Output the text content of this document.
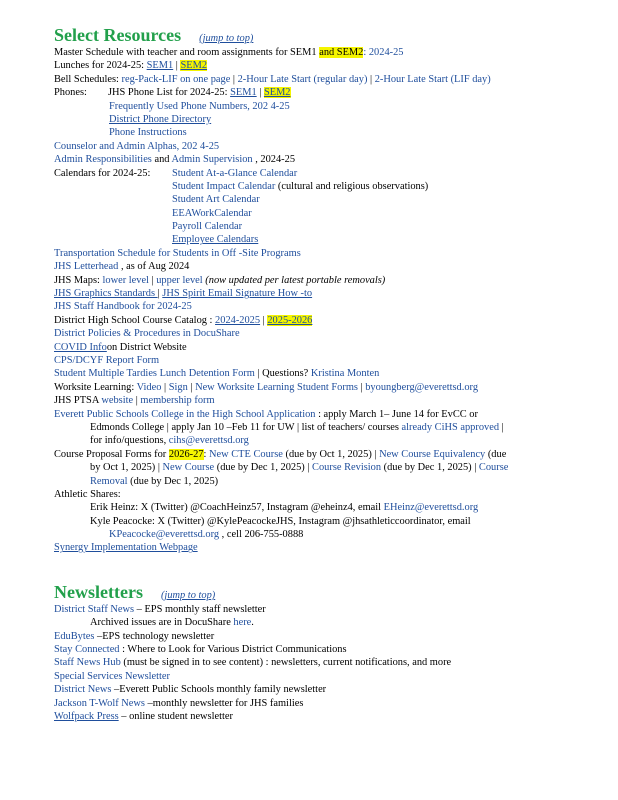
Select Resources (jump to top)
Master Schedule with teacher and room assignments for SEM1 and SEM2: 2024-25
Lunches for 2024-25: SEM1 | SEM2
Bell Schedules: reg-Pack-LIF on one page | 2-Hour Late Start (regular day) | 2-Hour Late Start (LIF day)
Phones: JHS Phone List for 2024-25: SEM1 | SEM2
Frequently Used Phone Numbers, 202 4-25
District Phone Directory
Phone Instructions
Counselor and Admin Alphas, 202 4-25
Admin Responsibilities and Admin Supervision , 2024-25
Calendars for 2024-25:Student At-a-Glance Calendar
Student Impact Calendar (cultural and religious observations)
Student Art Calendar
EEAWorkCalendar
Payroll Calendar
Employee Calendars
Transportation Schedule for Students in Off -Site Programs
JHS Letterhead , as of Aug 2024
JHS Maps: lower level | upper level (now updated per latest portable removals)
JHS Graphics Standards | JHS Spirit Email Signature How -to
JHS Staff Handbook for 2024-25
District High School Course Catalog : 2024-2025 | 2025-2026
District Policies & Procedures in DocuShare
COVID Infoon District Website
CPS/DCYF Report Form
Student Multiple Tardies Lunch Detention Form | Questions? Kristina Monten
Worksite Learning: Video | Sign | New Worksite Learning Student Forms | byoungberg@everettsd.org
JHS PTSA website | membership form
Everett Public Schools College in the High School Application : apply March 1– June 14 for EvCC or
Edmonds College | apply Jan 10 –Feb 11 for UW | list of teachers/ courses already CiHS approved |
for info/questions, cihs@everettsd.org
Course Proposal Forms for 2026-27: New CTE Course (due by Oct 1, 2025) | New Course Equivalency (due
by Oct 1, 2025) | New Course (due by Dec 1, 2025) | Course Revision (due by Dec 1, 2025) | Course
Removal (due by Dec 1, 2025)
Athletic Shares:
Erik Heinz: X (Twitter) @CoachHeinz57, Instagram @eheinz4, email EHeinz@everettsd.org
Kyle Peacocke: X (Twitter) @KylePeacockeJHS, Instagram @jhsathleticcoordinator, email
KPeacocke@everettsd.org , cell 206-755-0888
Synergy Implementation Webpage
Newsletters (jump to top)
District Staff News – EPS monthly staff newsletter
Archived issues are in DocuShare here.
EduBytes –EPS technology newsletter
Stay Connected : Where to Look for Various District Communications
Staff News Hub (must be signed in to see content) : newsletters, current notifications, and more
Special Services Newsletter
District News –Everett Public Schools monthly family newsletter
Jackson T-Wolf News –monthly newsletter for JHS families
Wolfpack Press – online student newsletter
